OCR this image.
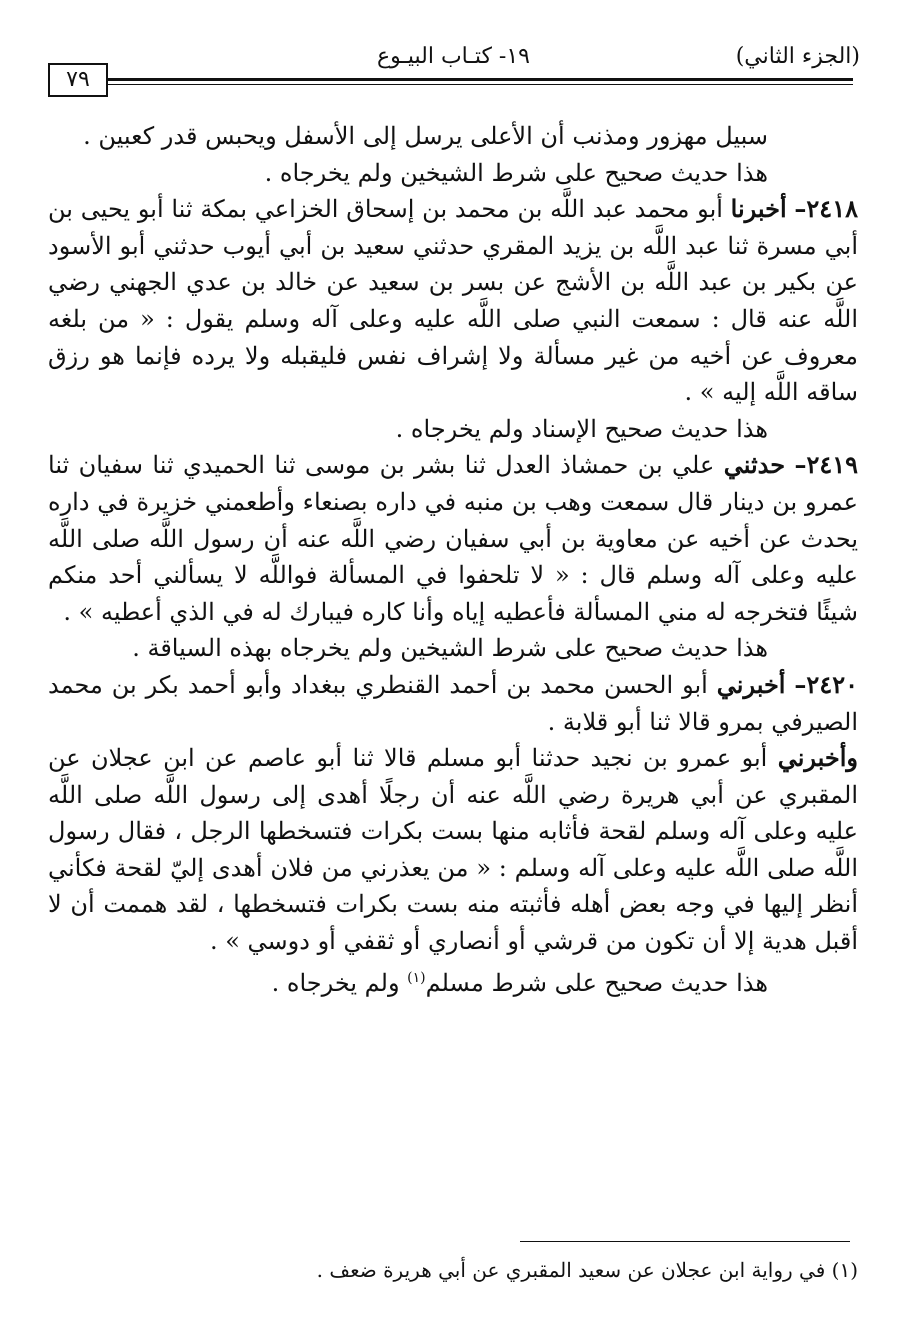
(الجزء الثاني)
١٩- كتـاب البيـوع
٧٩

سبيل مهزور ومذنب أن الأعلى يرسل إلى الأسفل ويحبس قدر كعبين .

هذا حديث صحيح على شرط الشيخين ولم يخرجاه .

٢٤١٨– أخبرنا أبو محمد عبد اللَّه بن محمد بن إسحاق الخزاعي بمكة ثنا أبو يحيى بن أبي مسرة ثنا عبد اللَّه بن يزيد المقري حدثني سعيد بن أبي أيوب حدثني أبو الأسود عن بكير بن عبد اللَّه بن الأشج عن بسر بن سعيد عن خالد بن عدي الجهني رضي اللَّه عنه قال : سمعت النبي صلى اللَّه عليه وعلى آله وسلم يقول : « من بلغه معروف عن أخيه من غير مسألة ولا إشراف نفس فليقبله ولا يرده فإنما هو رزق ساقه اللَّه إليه » .

هذا حديث صحيح الإسناد ولم يخرجاه .

٢٤١٩– حدثني علي بن حمشاذ العدل ثنا بشر بن موسى ثنا الحميدي ثنا سفيان ثنا عمرو بن دينار قال سمعت وهب بن منبه في داره بصنعاء وأطعمني خزيرة في داره يحدث عن أخيه عن معاوية بن أبي سفيان رضي اللَّه عنه أن رسول اللَّه صلى اللَّه عليه وعلى آله وسلم قال : « لا تلحفوا في المسألة فواللَّه لا يسألني أحد منكم شيئًا فتخرجه له مني المسألة فأعطيه إياه وأنا كاره فيبارك له في الذي أعطيه » .

هذا حديث صحيح على شرط الشيخين ولم يخرجاه بهذه السياقة .

٢٤٢٠– أخبرني أبو الحسن محمد بن أحمد القنطري ببغداد وأبو أحمد بكر بن محمد الصيرفي بمرو قالا ثنا أبو قلابة .

وأخبرني أبو عمرو بن نجيد حدثنا أبو مسلم قالا ثنا أبو عاصم عن ابن عجلان عن المقبري عن أبي هريرة رضي اللَّه عنه أن رجلًا أهدى إلى رسول اللَّه صلى اللَّه عليه وعلى آله وسلم لقحة فأثابه منها بست بكرات فتسخطها الرجل ، فقال رسول اللَّه صلى اللَّه عليه وعلى آله وسلم : « من يعذرني من فلان أهدى إليّ لقحة فكأني أنظر إليها في وجه بعض أهله فأثبته منه بست بكرات فتسخطها ، لقد هممت أن لا أقبل هدية إلا أن تكون من قرشي أو أنصاري أو ثقفي أو دوسي » .

هذا حديث صحيح على شرط مسلم$^{(١)}$ ولم يخرجاه .

(١) في رواية ابن عجلان عن سعيد المقبري عن أبي هريرة ضعف .
